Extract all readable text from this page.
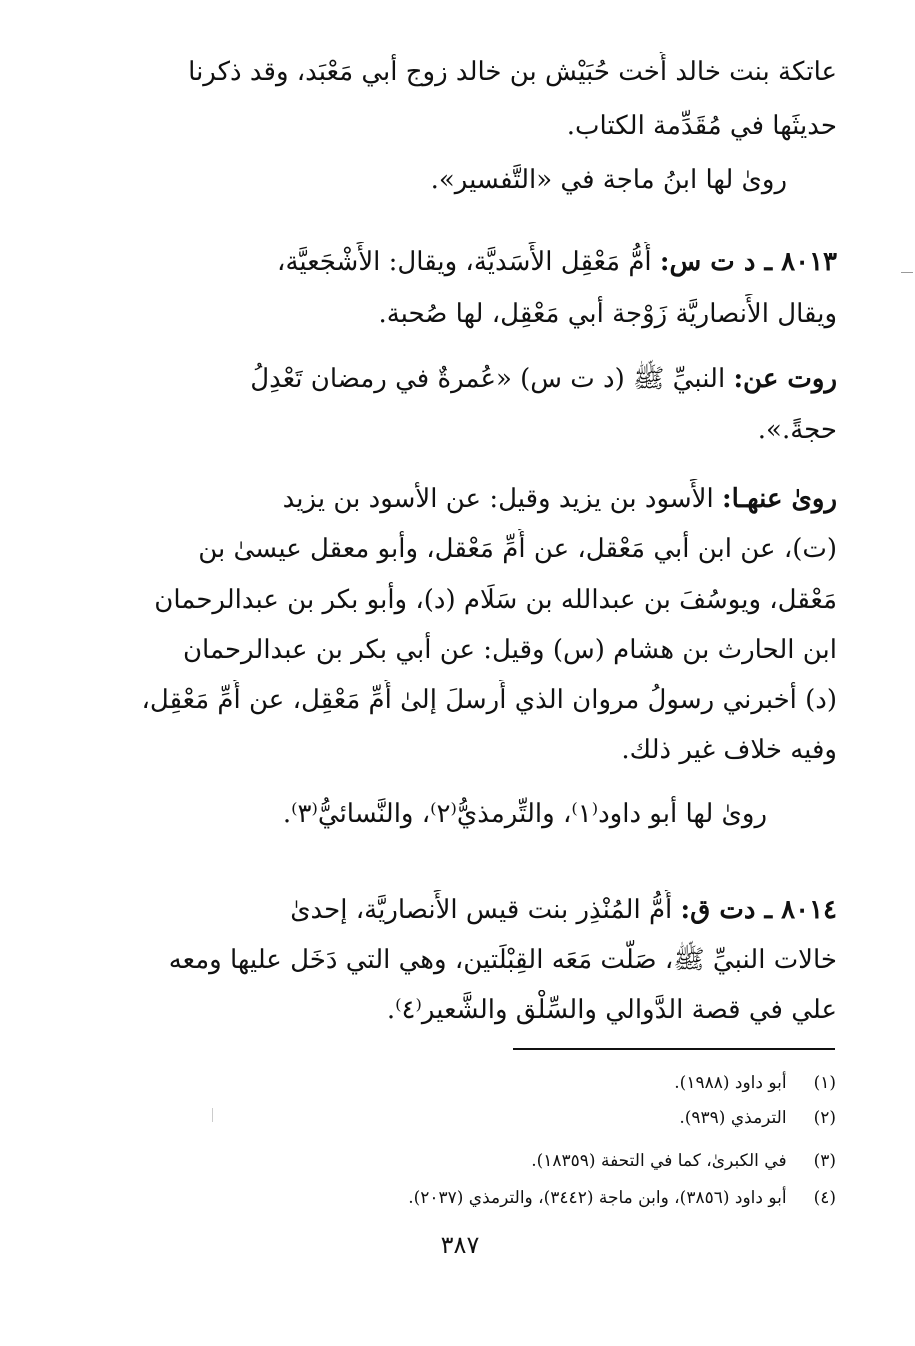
عاتكة بنت خالد أُخت حُبَيْش بن خالد زوج أبي مَعْبَد، وقد ذكرنا
حديثَها في مُقَدِّمة الكتاب.
روىٰ لها ابنُ ماجة في «التَّفسير».
٨٠١٣ ـ د ت س: أُمُّ مَعْقِل الأَسَديَّة، ويقال: الأَشْجَعيَّة،
ويقال الأَنصاريَّة زَوْجة أبي مَعْقِل، لها صُحبة.
روت عن: النبيِّ ﷺ (د ت س) «عُمرةٌ في رمضان تَعْدِلُ
حجةً.».
روىٰ عنهـا: الأَسود بن يزيد وقيل: عن الأسود بن يزيد
(ت)، عن ابن أبي مَعْقل، عن أُمِّ مَعْقل، وأبو معقل عيسىٰ بن
مَعْقل، ويوسُفَ بن عبدالله بن سَلَام (د)، وأبو بكر بن عبدالرحمان
ابن الحارث بن هشام (س) وقيل: عن أبي بكر بن عبدالرحمان
(د) أخبرني رسولُ مروان الذي أَرسلَ إلىٰ أُمِّ مَعْقِل، عن أُمِّ مَعْقِل،
وفيه خلاف غير ذلك.
روىٰ لها أبو داود⁽١⁾، والتِّرمذيُّ⁽٢⁾، والنَّسائيُّ⁽٣⁾.
٨٠١٤ ـ دت ق: أُمُّ المُنْذِر بنت قيس الأَنصاريَّة، إحدىٰ
خالات النبيِّ ﷺ، صَلَّت مَعَه القِبْلَتين، وهي التي دَخَل عليها ومعه
علي في قصة الدَّوالي والسِّلْق والشَّعير⁽٤⁾.
(١) أبو داود (١٩٨٨).
(٢) الترمذي (٩٣٩).
(٣) في الكبرىٰ، كما في التحفة (١٨٣٥٩).
(٤) أبو داود (٣٨٥٦)، وابن ماجة (٣٤٤٢)، والترمذي (٢٠٣٧).
٣٨٧
